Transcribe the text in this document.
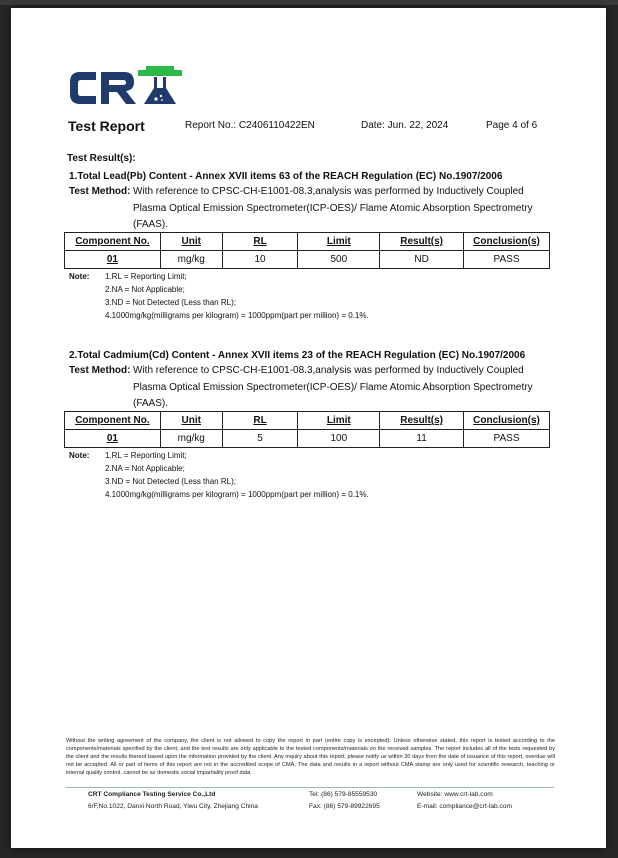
Test Report	Report No.: C2406110422EN	Date: Jun. 22, 2024	Page 4 of 6
Test Result(s):
1.Total Lead(Pb) Content - Annex XVII items 63 of the REACH Regulation (EC) No.1907/2006
Test Method: With reference to CPSC-CH-E1001-08.3,analysis was performed by Inductively Coupled Plasma Optical Emission Spectrometer(ICP-OES)/ Flame Atomic Absorption Spectrometry (FAAS).
Component No.	Unit	RL	Limit	Result(s)	Conclusion(s)
01	mg/kg	10	500	ND	PASS
Note: 1.RL = Reporting Limit;
2.NA = Not Applicable;
3.ND = Not Detected (Less than RL);
4.1000mg/kg(milligrams per kilogram) = 1000ppm(part per million) = 0.1%.
2.Total Cadmium(Cd) Content - Annex XVII items 23 of the REACH Regulation (EC) No.1907/2006
Test Method: With reference to CPSC-CH-E1001-08.3,analysis was performed by Inductively Coupled Plasma Optical Emission Spectrometer(ICP-OES)/ Flame Atomic Absorption Spectrometry (FAAS).
Component No.	Unit	RL	Limit	Result(s)	Conclusion(s)
01	mg/kg	5	100	11	PASS
Note: 1.RL = Reporting Limit;
2.NA = Not Applicable;
3.ND = Not Detected (Less than RL);
4.1000mg/kg(milligrams per kilogram) = 1000ppm(part per million) = 0.1%.
Without the writing agreement of the company, the client is not allowed to copy the report in part (entire copy is excepted). Unless otherwise stated, this report is tested according to the components/materials specified by the client, and the test results are only applicable to the tested components/materials on the received samples. The report includes all of the tests requested by the client and the results thereof based upon the information provided by the client. Any inquiry about this report, please notify us within 30 days from the date of issuance of this report, overdue will not be accepted. All or part of items of this report are not in the accredited scope of CMA, The data and results in a report without CMA stamp are only used for scientific research, teaching or internal quality control, cannot be as domestic social impartiality proof data.
CRT Compliance Testing Service Co.,Ltd
6/F,No.1022, Danxi North Road, Yiwu City, Zhejiang China
Tel: (86) 579-85559530
Fax: (86) 579-89922695
Website: www.crt-lab.com
E-mail: compliance@crt-lab.com
